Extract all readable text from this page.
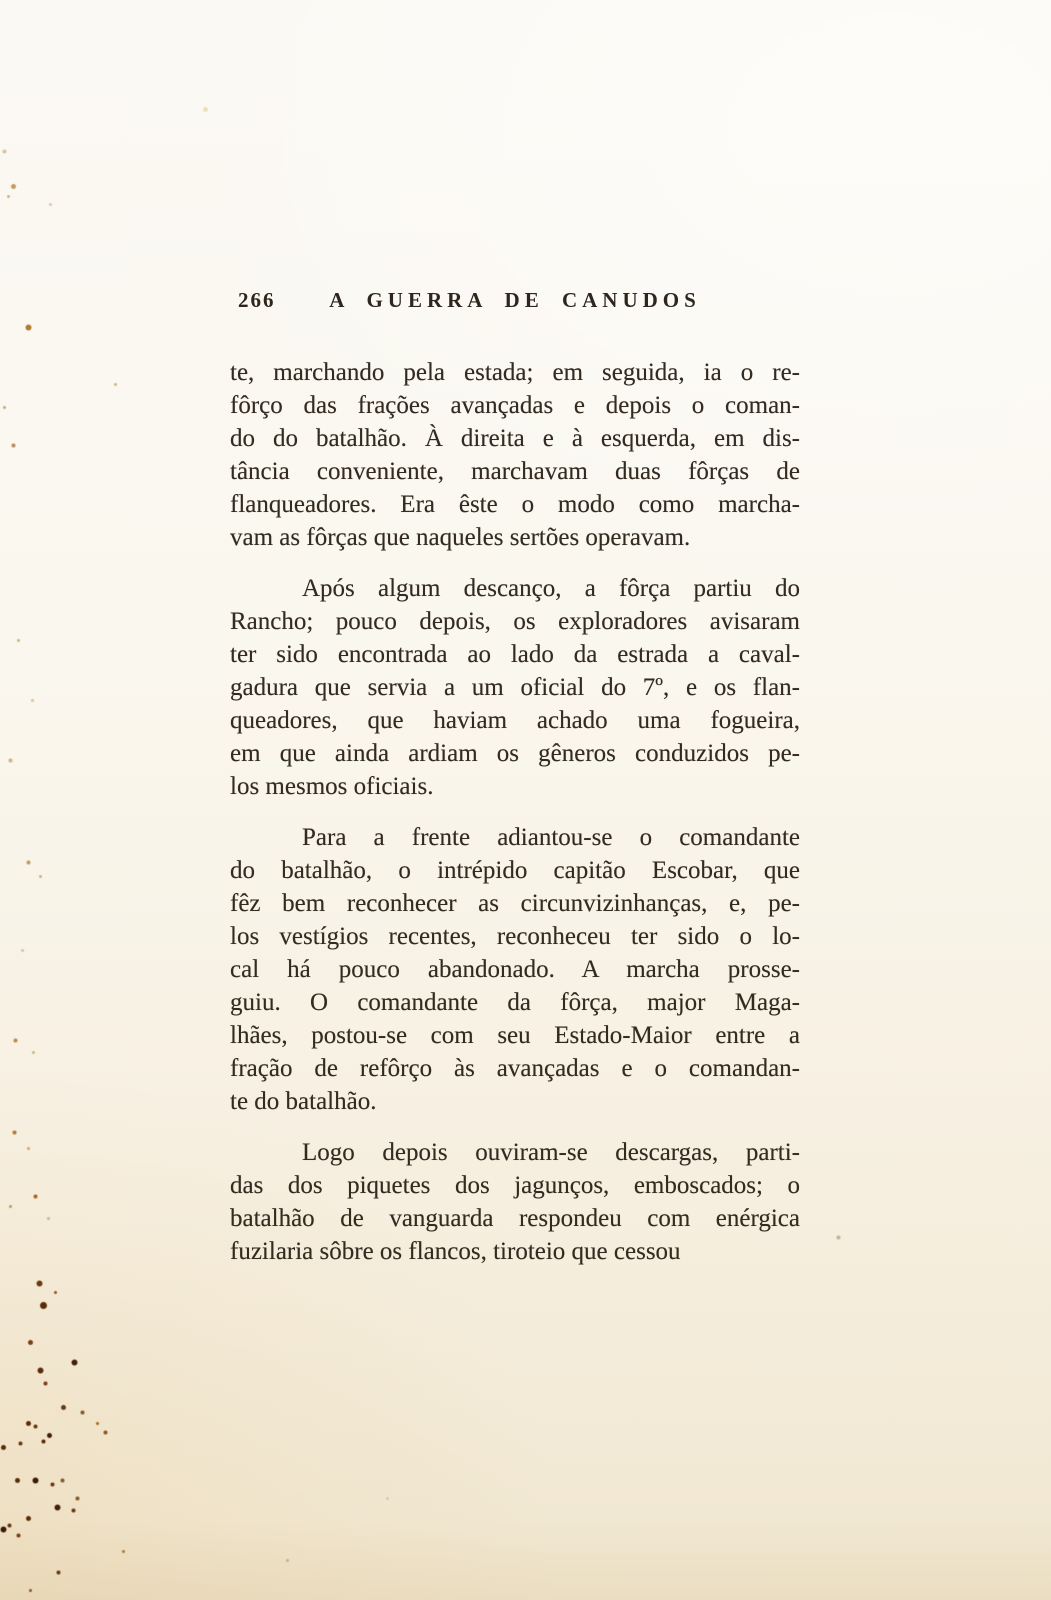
266	A GUERRA DE CANUDOS
te, marchando pela estada; em seguida, ia o re-
fôrço das frações avançadas e depois o coman-
do do batalhão. À direita e à esquerda, em dis-
tância conveniente, marchavam duas fôrças de
flanqueadores. Era êste o modo como marcha-
vam as fôrças que naqueles sertões operavam.
Após algum descanço, a fôrça partiu do
Rancho; pouco depois, os exploradores avisaram
ter sido encontrada ao lado da estrada a caval-
gadura que servia a um oficial do 7º, e os flan-
queadores, que haviam achado uma fogueira,
em que ainda ardiam os gêneros conduzidos pe-
los mesmos oficiais.
Para a frente adiantou-se o comandante
do batalhão, o intrépido capitão Escobar, que
fêz bem reconhecer as circunvizinhanças, e, pe-
los vestígios recentes, reconheceu ter sido o lo-
cal há pouco abandonado. A marcha prosse-
guiu. O comandante da fôrça, major Maga-
lhães, postou-se com seu Estado-Maior entre a
fração de refôrço às avançadas e o comandan-
te do batalhão.
Logo depois ouviram-se descargas, parti-
das dos piquetes dos jagunços, emboscados; o
batalhão de vanguarda respondeu com enérgica
fuzilaria sôbre os flancos, tiroteio que cessou
